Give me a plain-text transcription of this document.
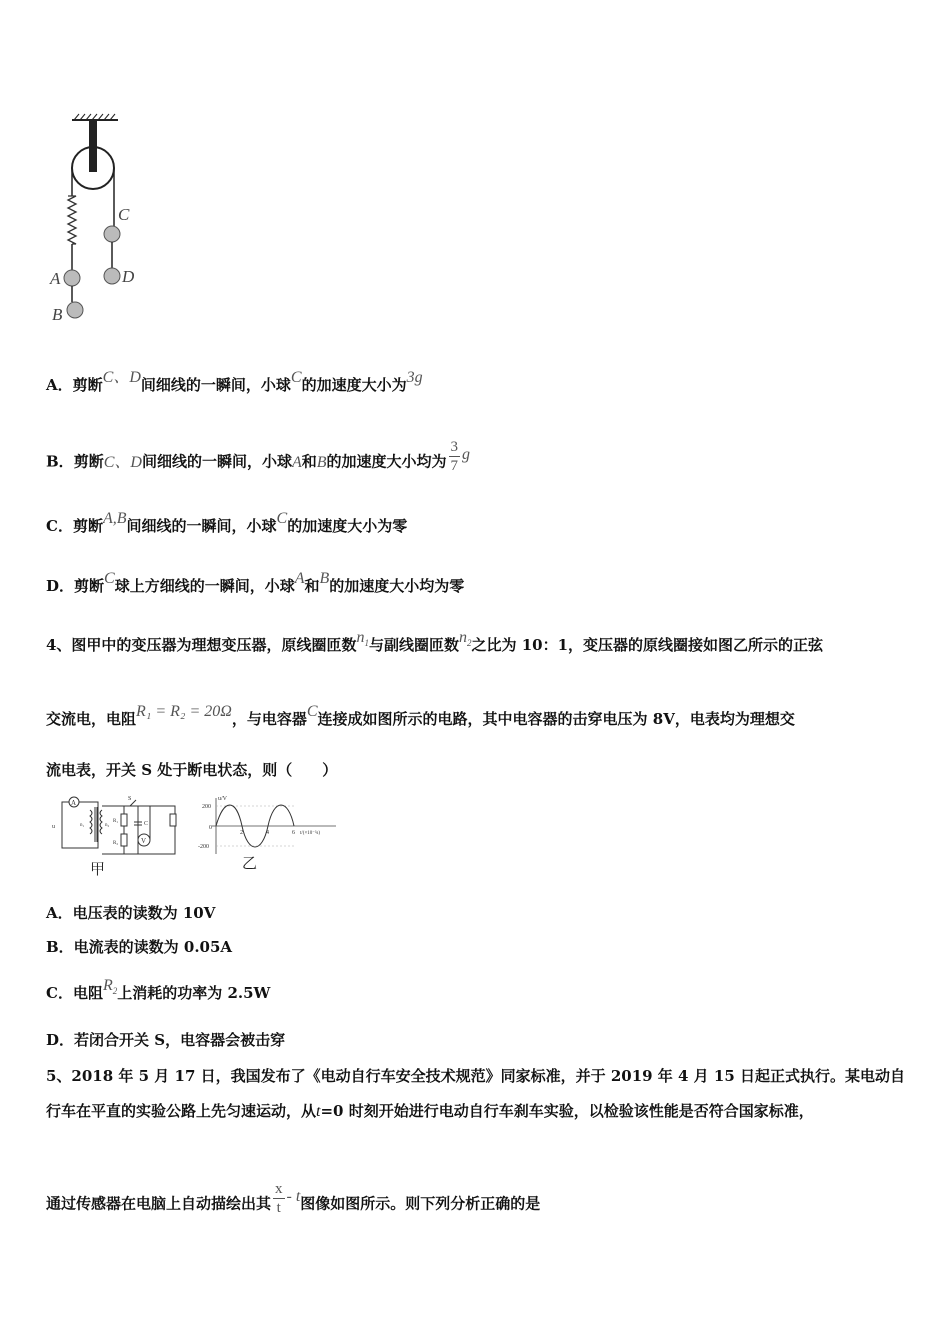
C
A	D
B
A．剪断C、D间细线的一瞬间，小球C的加速度大小为3g
B．剪断C、D间细线的一瞬间，小球A和B的加速度大小均为 $\frac{3}{7}$ g
C．剪断A,B间细线的一瞬间，小球C的加速度大小为零
D．剪断C球上方细线的一瞬间，小球A和B的加速度大小均为零
4、图甲中的变压器为理想变压器，原线圈匝数$n_1$与副线圈匝数$n_2$之比为 10：1，变压器的原线圈接如图乙所示的正弦
交流电，电阻R₁ = R₂ = 20Ω，与电容器C连接成如图所示的电路，其中电容器的击穿电压为 8V，电表均为理想交
流电表，开关 S 处于断电状态，则（　　）
A
u	n₁	n₂
R₁
R₂
S
C
V
甲
200
-200
0
u/V
2	4	6 t/(×10⁻²s)
乙
A．电压表的读数为 10V
B．电流表的读数为 0.05A
C．电阻$R_2$上消耗的功率为 2.5W
D．若闭合开关 S，电容器会被击穿
5、2018 年 5 月 17 日，我国发布了《电动自行车安全技术规范》同家标准，并于 2019 年 4 月 15 日起正式执行。某电动自
行车在平直的实验公路上先匀速运动，从t=0 时刻开始进行电动自行车刹车实验，以检验该性能是否符合国家标准，
通过传感器在电脑上自动描绘出其 $\frac{x}{t}$ - t图像如图所示。则下列分析正确的是
